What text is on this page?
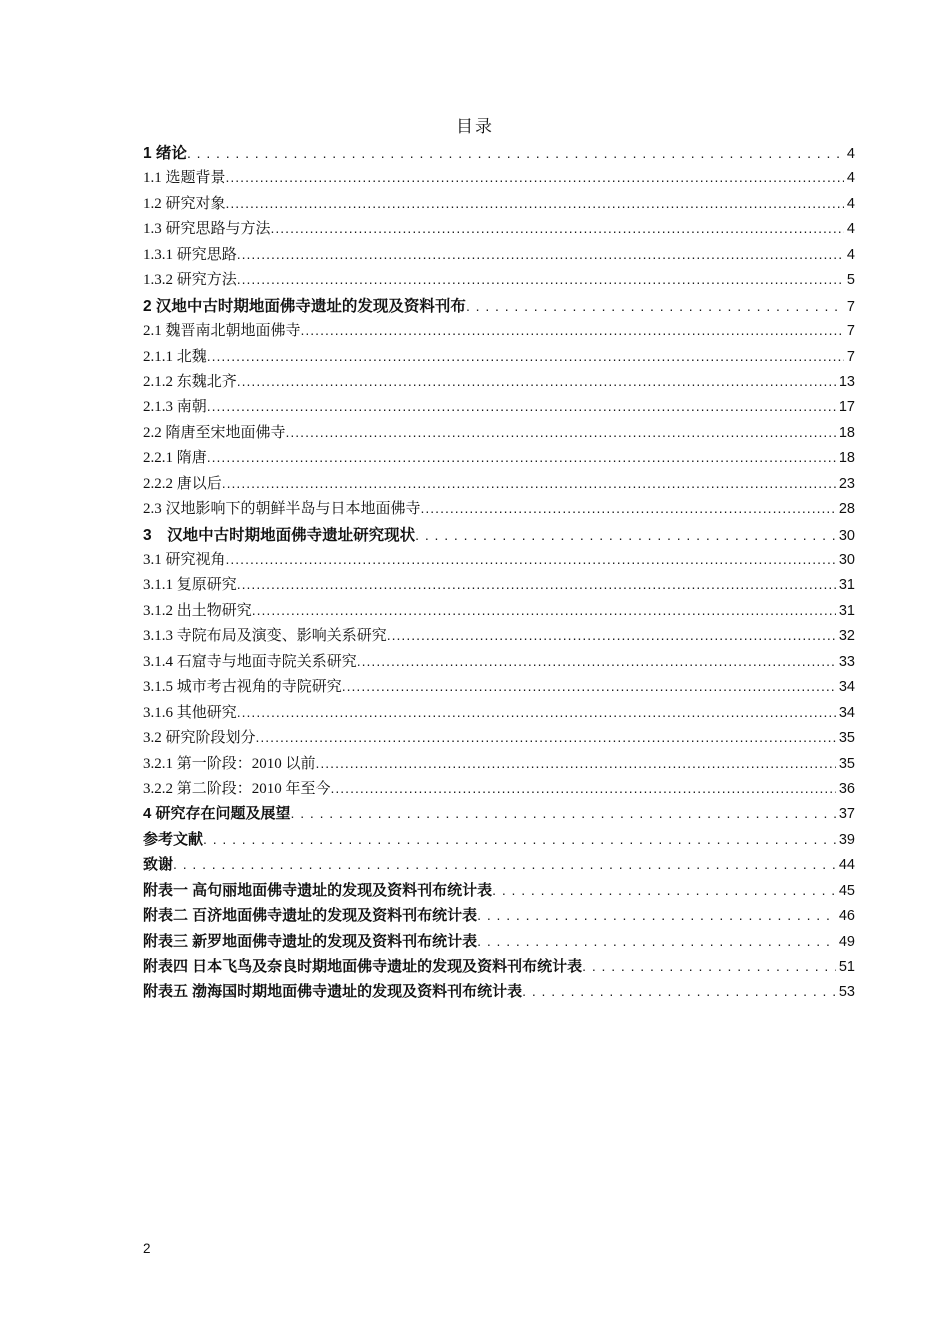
目录
1 绪论 .....	4
1.1 选题背景 .....	4
1.2 研究对象 .....	4
1.3 研究思路与方法 .....	4
1.3.1 研究思路 .....	4
1.3.2 研究方法 .....	5
2 汉地中古时期地面佛寺遗址的发现及资料刊布 .....	7
2.1 魏晋南北朝地面佛寺 .....	7
2.1.1 北魏 .....	7
2.1.2 东魏北齐 .....	13
2.1.3 南朝 .....	17
2.2 隋唐至宋地面佛寺 .....	18
2.2.1 隋唐 .....	18
2.2.2 唐以后 .....	23
2.3 汉地影响下的朝鲜半岛与日本地面佛寺 .....	28
3　汉地中古时期地面佛寺遗址研究现状 .....	30
3.1 研究视角 .....	30
3.1.1 复原研究 .....	31
3.1.2 出土物研究 .....	31
3.1.3 寺院布局及演变、影响关系研究 .....	32
3.1.4 石窟寺与地面寺院关系研究 .....	33
3.1.5 城市考古视角的寺院研究 .....	34
3.1.6 其他研究 .....	34
3.2 研究阶段划分 .....	35
3.2.1 第一阶段：2010 以前 .....	35
3.2.2 第二阶段：2010 年至今 .....	36
4 研究存在问题及展望 .....	37
参考文献 .....	39
致谢 .....	44
附表一 高句丽地面佛寺遗址的发现及资料刊布统计表 .....	45
附表二 百济地面佛寺遗址的发现及资料刊布统计表 .....	46
附表三 新罗地面佛寺遗址的发现及资料刊布统计表 .....	49
附表四 日本飞鸟及奈良时期地面佛寺遗址的发现及资料刊布统计表 .....	51
附表五 渤海国时期地面佛寺遗址的发现及资料刊布统计表 .....	53
2
